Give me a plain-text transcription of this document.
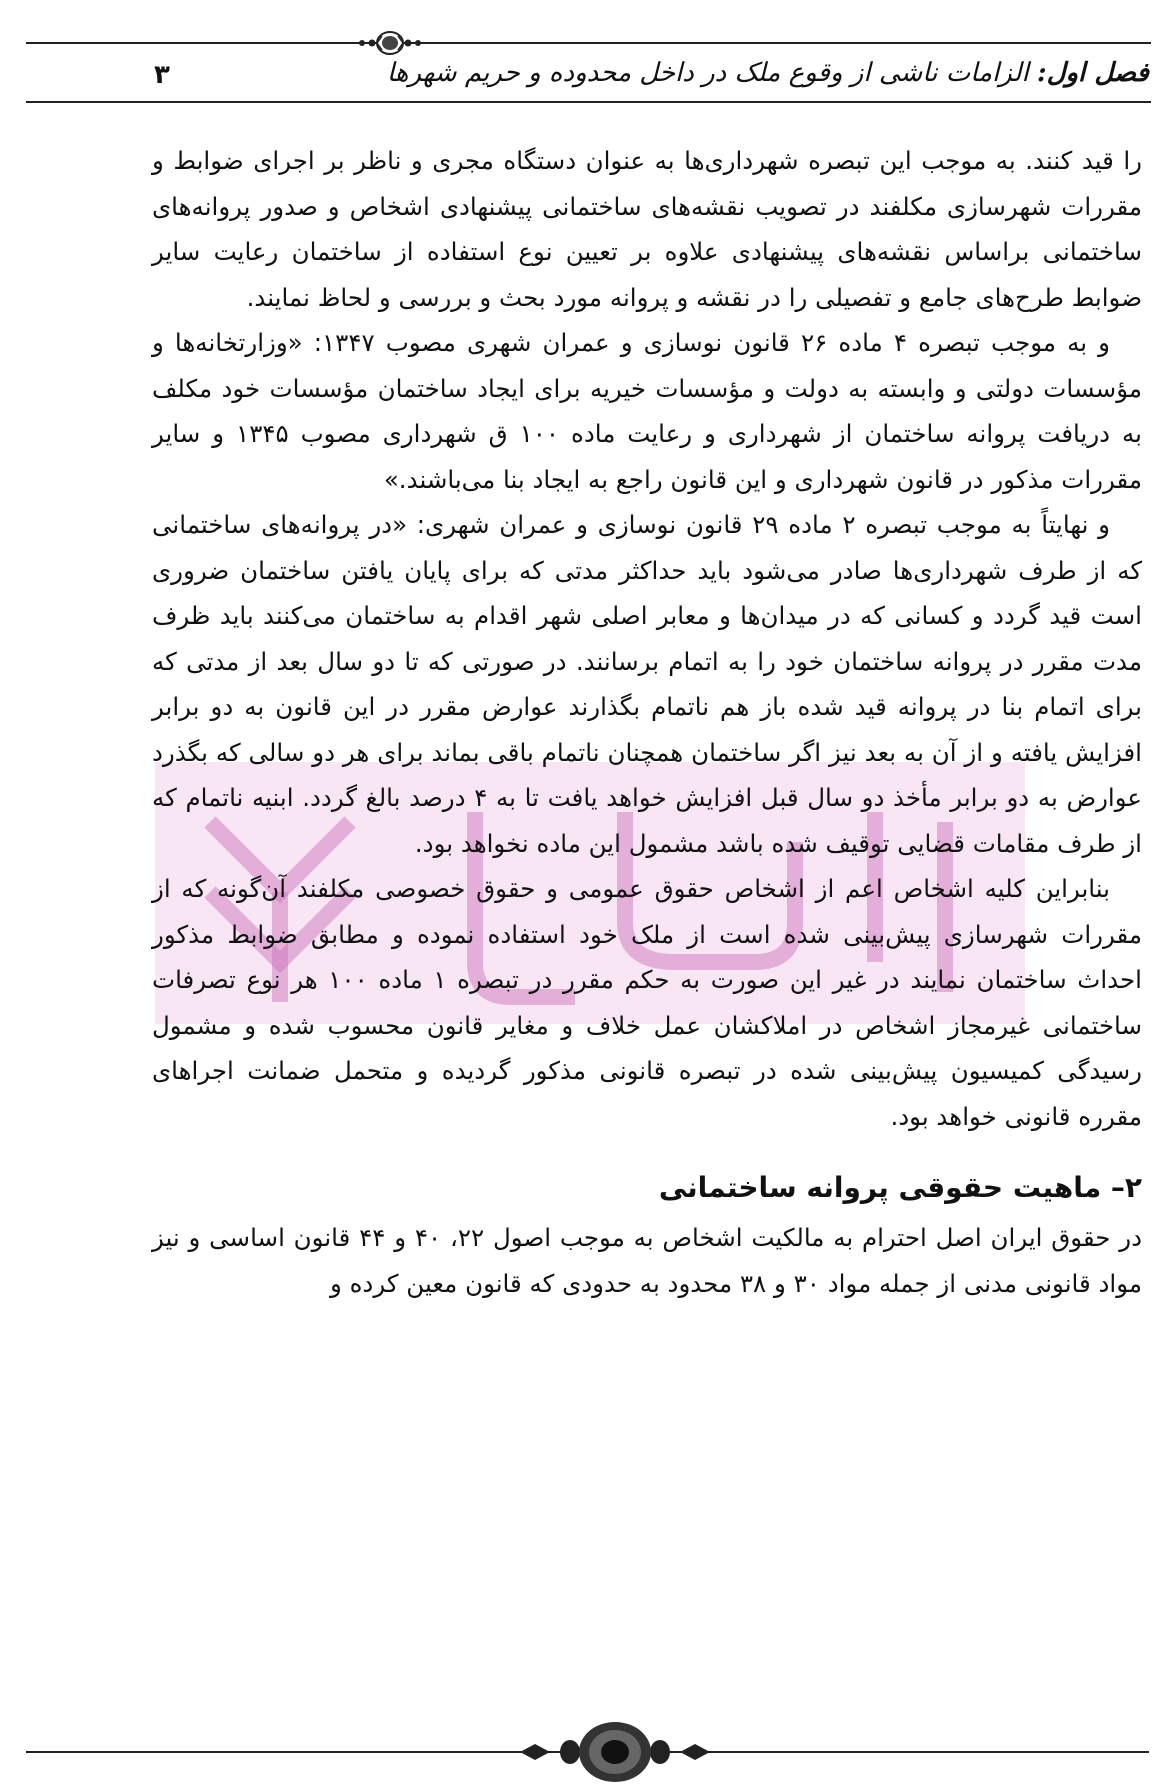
فصل اول: الزامات ناشی از وقوع ملک در داخل محدوده و حریم شهرها
۳

را قید کنند. به موجب این تبصره شهرداری‌ها به عنوان دستگاه مجری و ناظر بر اجرای ضوابط و مقررات شهرسازی مکلفند در تصویب نقشه‌های ساختمانی پیشنهادی اشخاص و صدور پروانه‌های ساختمانی براساس نقشه‌های پیشنهادی علاوه بر تعیین نوع استفاده از ساختمان رعایت سایر ضوابط طرح‌های جامع و تفصیلی را در نقشه و پروانه مورد بحث و بررسی و لحاظ نمایند.

و به موجب تبصره ۴ ماده ۲۶ قانون نوسازی و عمران شهری مصوب ۱۳۴۷: «وزارتخانه‌ها و مؤسسات دولتی و وابسته به دولت و مؤسسات خیریه برای ایجاد ساختمان مؤسسات خود مکلف به دریافت پروانه ساختمان از شهرداری و رعایت ماده ۱۰۰ ق شهرداری مصوب ۱۳۴۵ و سایر مقررات مذکور در قانون شهرداری و این قانون راجع به ایجاد بنا می‌باشند.»

و نهایتاً به موجب تبصره ۲ ماده ۲۹ قانون نوسازی و عمران شهری: «در پروانه‌های ساختمانی که از طرف شهرداری‌ها صادر می‌شود باید حداکثر مدتی که برای پایان یافتن ساختمان ضروری است قید گردد و کسانی که در میدان‌ها و معابر اصلی شهر اقدام به ساختمان می‌کنند باید ظرف مدت مقرر در پروانه ساختمان خود را به اتمام برسانند. در صورتی که تا دو سال بعد از مدتی که برای اتمام بنا در پروانه قید شده باز هم ناتمام بگذارند عوارض مقرر در این قانون به دو برابر افزایش یافته و از آن به بعد نیز اگر ساختمان همچنان ناتمام باقی بماند برای هر دو سالی که بگذرد عوارض به دو برابر مأخذ دو سال قبل افزایش خواهد یافت تا به ۴ درصد بالغ گردد. ابنیه ناتمام که از طرف مقامات قضایی توقیف شده باشد مشمول این ماده نخواهد بود.

بنابراین کلیه اشخاص اعم از اشخاص حقوق عمومی و حقوق خصوصی مکلفند آن‌گونه که از مقررات شهرسازی پیش‌بینی شده است از ملک خود استفاده نموده و مطابق ضوابط مذکور احداث ساختمان نمایند در غیر این صورت به حکم مقرر در تبصره ۱ ماده ۱۰۰ هر نوع تصرفات ساختمانی غیرمجاز اشخاص در املاکشان عمل خلاف و مغایر قانون محسوب شده و مشمول رسیدگی کمیسیون پیش‌بینی شده در تبصره قانونی مذکور گردیده و متحمل ضمانت اجراهای مقرره قانونی خواهد بود.

۲– ماهیت حقوقی پروانه ساختمانی

در حقوق ایران اصل احترام به مالکیت اشخاص به موجب اصول ۲۲، ۴۰ و ۴۴ قانون اساسی و نیز مواد قانونی مدنی از جمله مواد ۳۰ و ۳۸ محدود به حدودی که قانون معین کرده و
